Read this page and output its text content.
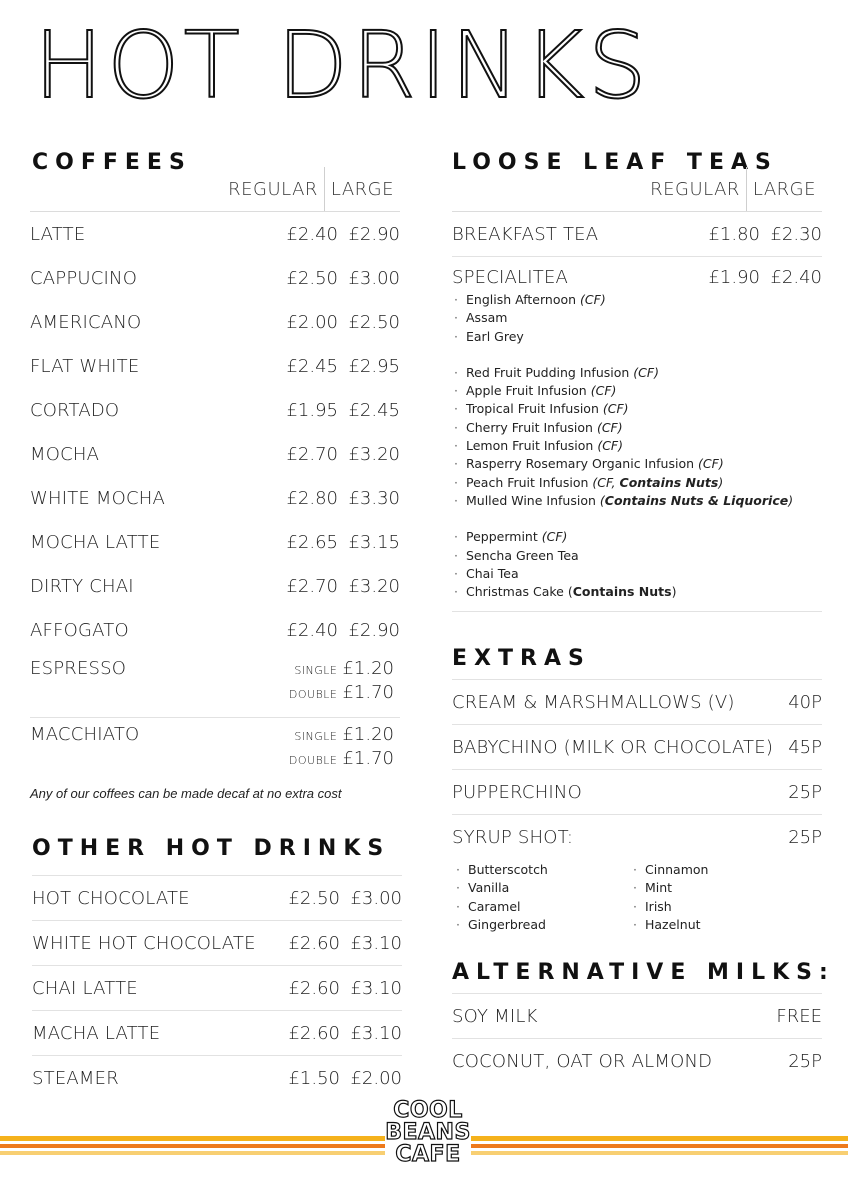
HOT DRINKS
COFFEES
REGULAR LARGE
LATTE	£2.40 £2.90
CAPPUCINO	£2.50 £3.00
AMERICANO	£2.00 £2.50
FLAT WHITE	£2.45 £2.95
CORTADO	£1.95 £2.45
MOCHA	£2.70 £3.20
WHITE MOCHA	£2.80 £3.30
MOCHA LATTE	£2.65 £3.15
DIRTY CHAI	£2.70 £3.20
AFFOGATO	£2.40 £2.90
ESPRESSO	SINGLE £1.20
DOUBLE £1.70
MACCHIATO	SINGLE £1.20
DOUBLE £1.70
Any of our coffees can be made decaf at no extra cost
OTHER HOT DRINKS
HOT CHOCOLATE	£2.50 £3.00
WHITE HOT CHOCOLATE	£2.60 £3.10
CHAI LATTE	£2.60 £3.10
MACHA LATTE	£2.60 £3.10
STEAMER	£1.50 £2.00
LOOSE LEAF TEAS
REGULAR LARGE
BREAKFAST TEA	£1.80 £2.30
SPECIALITEA	£1.90 £2.40
· English Afternoon (CF)
· Assam
· Earl Grey
· Red Fruit Pudding Infusion (CF)
· Apple Fruit Infusion (CF)
· Tropical Fruit Infusion (CF)
· Cherry Fruit Infusion (CF)
· Lemon Fruit Infusion (CF)
· Rasperry Rosemary Organic Infusion (CF)
· Peach Fruit Infusion (CF, Contains Nuts)
· Mulled Wine Infusion (Contains Nuts & Liquorice)
· Peppermint (CF)
· Sencha Green Tea
· Chai Tea
· Christmas Cake (Contains Nuts)
EXTRAS
CREAM & MARSHMALLOWS (V)	40P
BABYCHINO (MILK OR CHOCOLATE) 45P
PUPPERCHINO	25P
SYRUP SHOT:	25P
· Butterscotch
· Vanilla
· Caramel
· Gingerbread
· Cinnamon
· Mint
· Irish
· Hazelnut
ALTERNATIVE MILKS:
SOY MILK	FREE
COCONUT, OAT OR ALMOND	25P
COOL
BEANS
CAFE
